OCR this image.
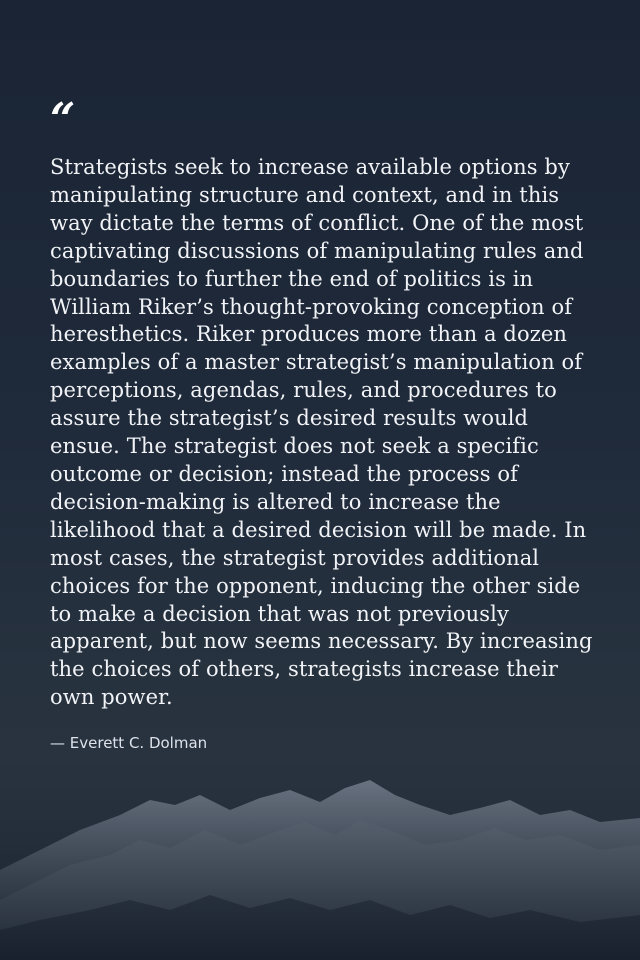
“

Strategists seek to increase available options by manipulating structure and context, and in this way dictate the terms of conflict. One of the most captivating discussions of manipulating rules and boundaries to further the end of politics is in William Riker’s thought-provoking conception of heresthetics. Riker produces more than a dozen examples of a master strategist’s manipulation of perceptions, agendas, rules, and procedures to assure the strategist’s desired results would ensue. The strategist does not seek a specific outcome or decision; instead the process of decision-making is altered to increase the likelihood that a desired decision will be made. In most cases, the strategist provides additional choices for the opponent, inducing the other side to make a decision that was not previously apparent, but now seems necessary. By increasing the choices of others, strategists increase their own power.

— Everett C. Dolman
